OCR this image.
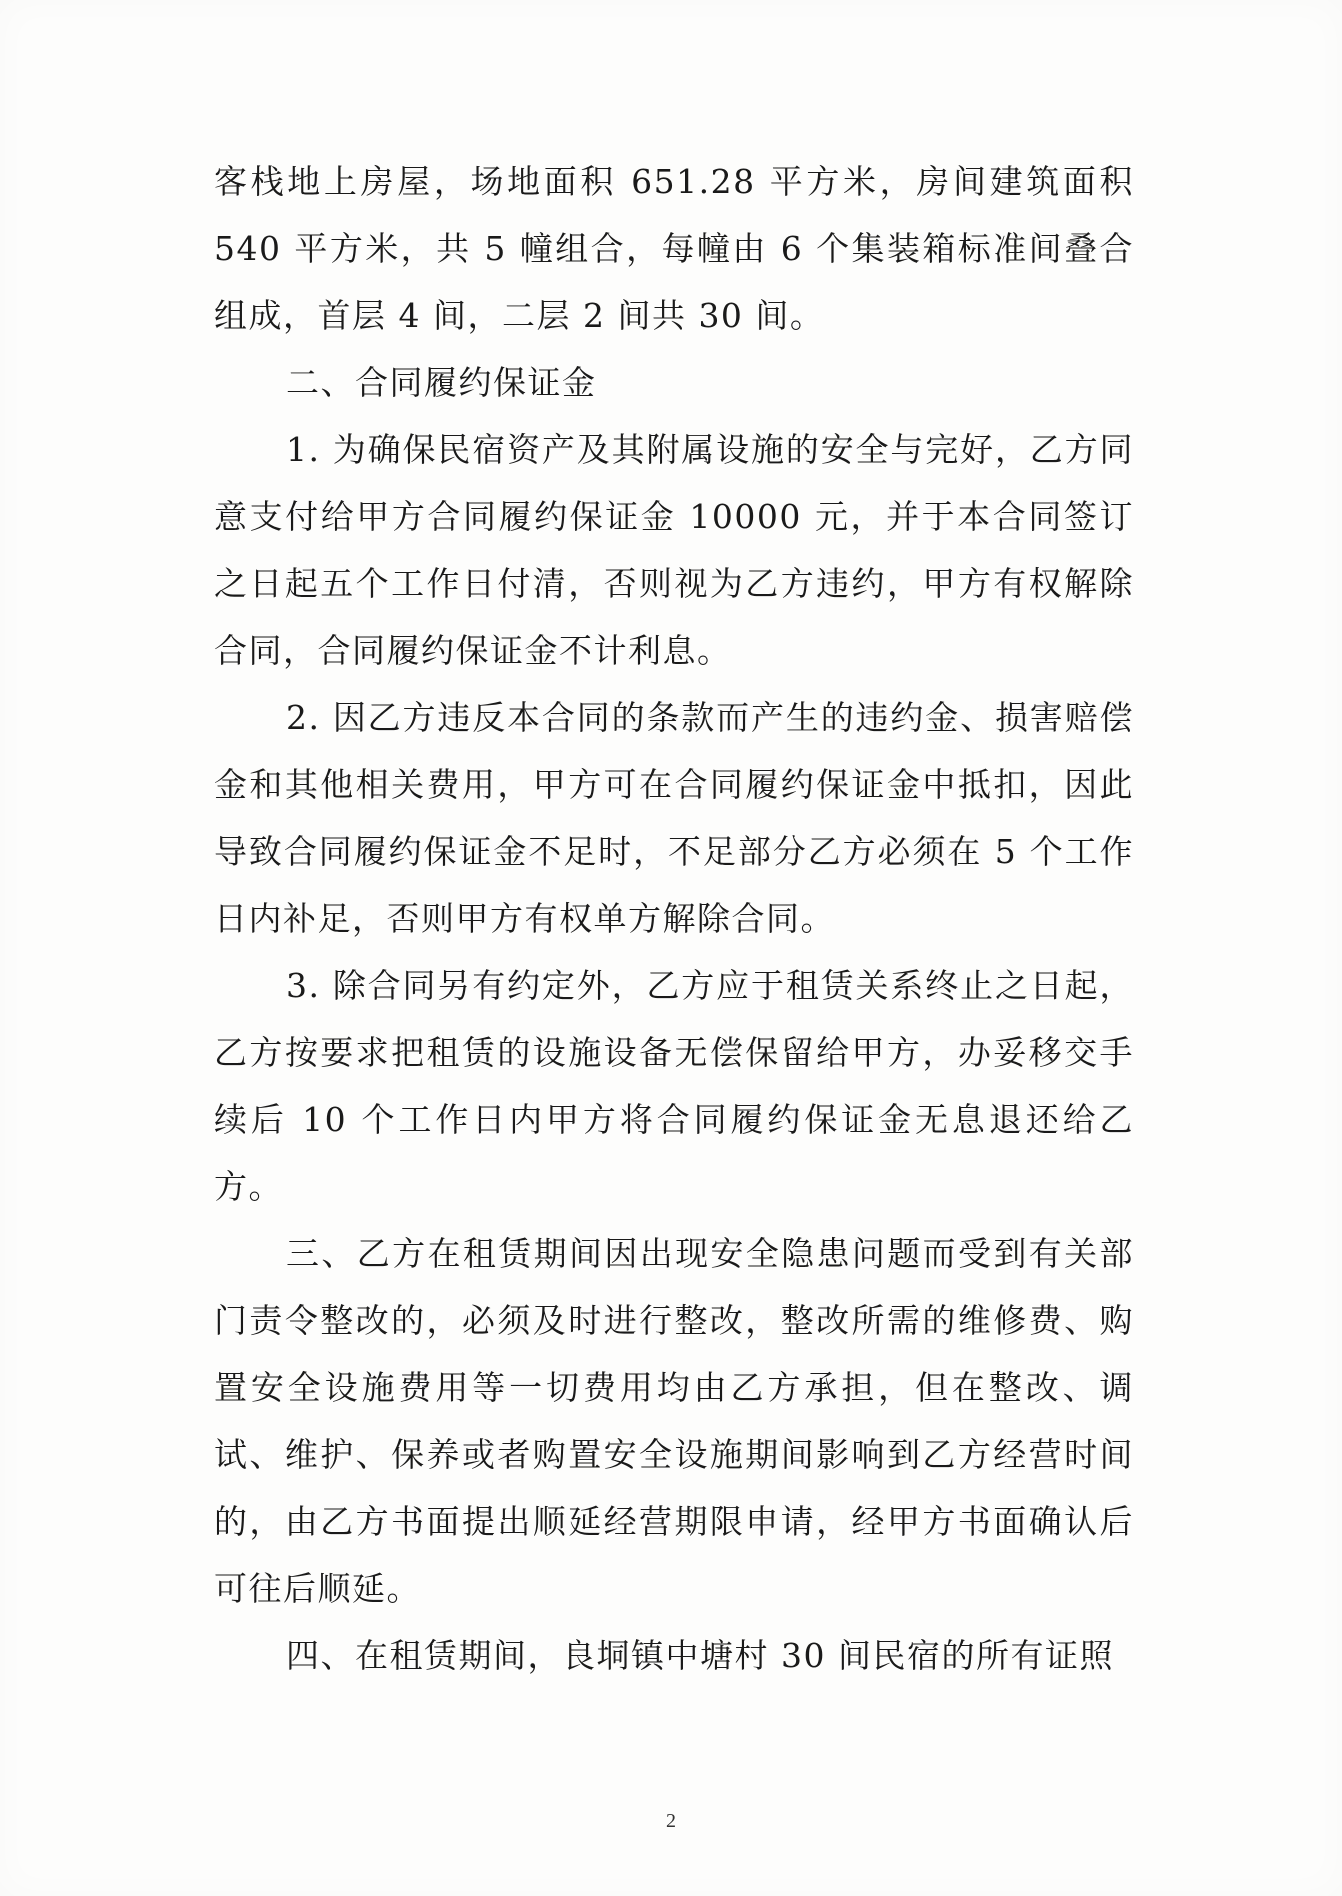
客栈地上房屋，场地面积 651.28 平方米，房间建筑面积 540 平方米，共 5 幢组合，每幢由 6 个集装箱标准间叠合组成，首层 4 间，二层 2 间共 30 间。

二、合同履约保证金

1. 为确保民宿资产及其附属设施的安全与完好，乙方同意支付给甲方合同履约保证金 10000 元，并于本合同签订之日起五个工作日付清，否则视为乙方违约，甲方有权解除合同，合同履约保证金不计利息。

2. 因乙方违反本合同的条款而产生的违约金、损害赔偿金和其他相关费用，甲方可在合同履约保证金中抵扣，因此导致合同履约保证金不足时，不足部分乙方必须在 5 个工作日内补足，否则甲方有权单方解除合同。

3. 除合同另有约定外，乙方应于租赁关系终止之日起，乙方按要求把租赁的设施设备无偿保留给甲方，办妥移交手续后 10 个工作日内甲方将合同履约保证金无息退还给乙方。

三、乙方在租赁期间因出现安全隐患问题而受到有关部门责令整改的，必须及时进行整改，整改所需的维修费、购置安全设施费用等一切费用均由乙方承担，但在整改、调试、维护、保养或者购置安全设施期间影响到乙方经营时间的，由乙方书面提出顺延经营期限申请，经甲方书面确认后可往后顺延。

四、在租赁期间，良垌镇中塘村 30 间民宿的所有证照

2
